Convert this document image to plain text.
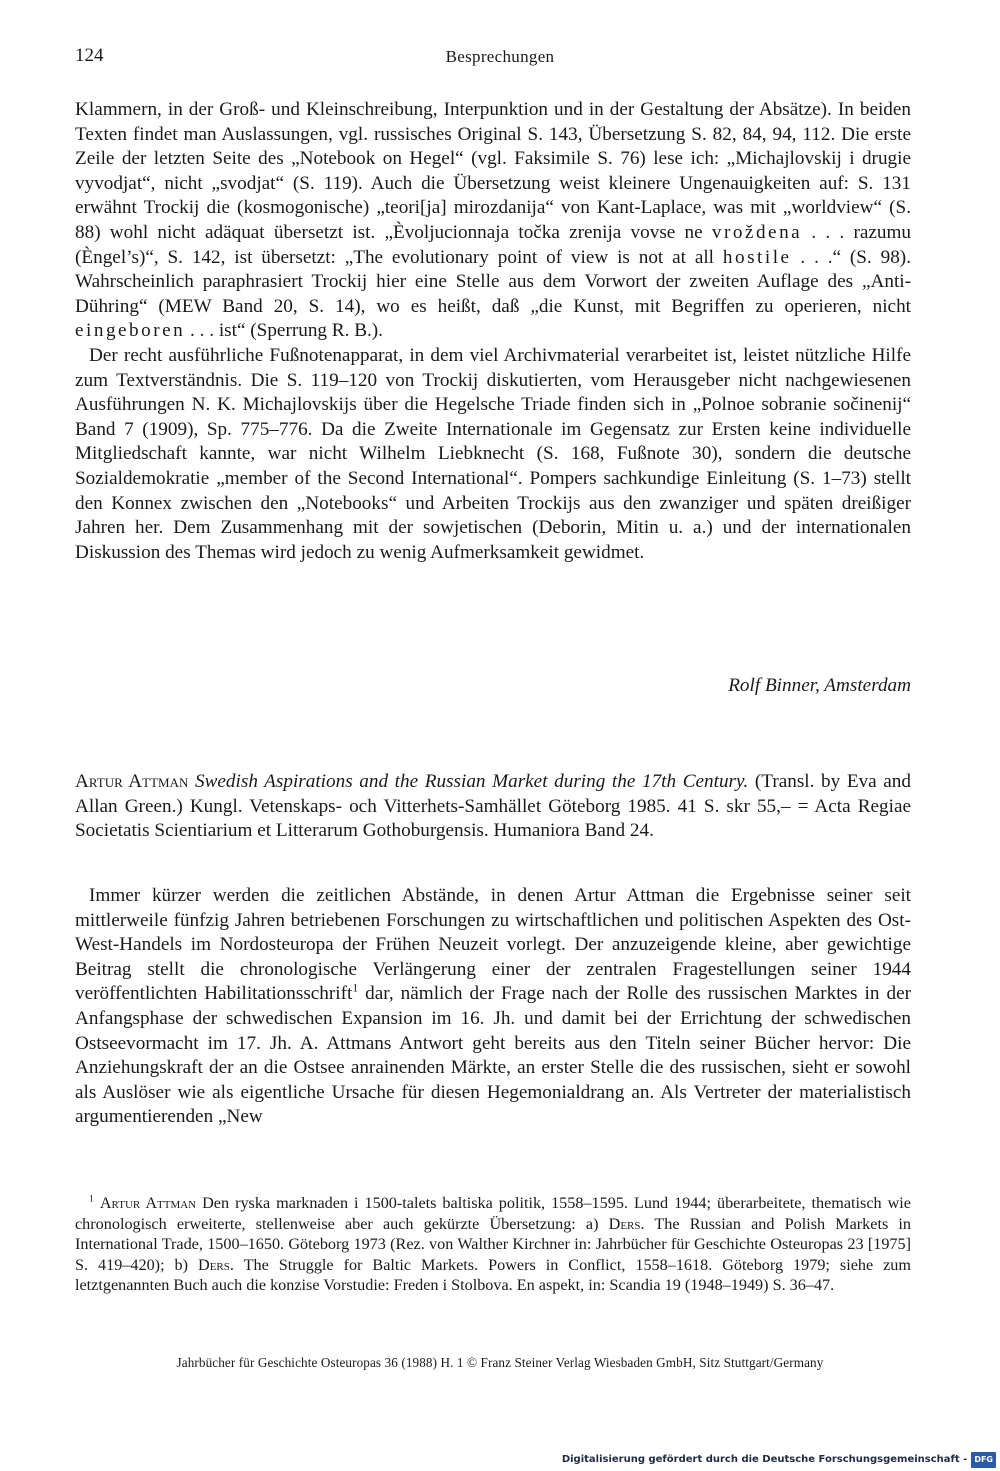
124	Besprechungen

Klammern, in der Groß- und Kleinschreibung, Interpunktion und in der Gestaltung der Absätze). In beiden Texten findet man Auslassungen, vgl. russisches Original S. 143, Übersetzung S. 82, 84, 94, 112. Die erste Zeile der letzten Seite des „Notebook on Hegel“ (vgl. Faksimile S. 76) lese ich: „Michajlovskij i drugie vyvodjat“, nicht „svodjat“ (S. 119). Auch die Übersetzung weist kleinere Ungenauigkeiten auf: S. 131 erwähnt Trockij die (kosmogonische) „teori[ja] mirozdanija“ von Kant-Laplace, was mit „worldview“ (S. 88) wohl nicht adäquat übersetzt ist. „Èvoljucionnaja točka zrenija vovse ne vroždena . . . razumu (Èngel’s)“, S. 142, ist übersetzt: „The evolutionary point of view is not at all hostile . . .“ (S. 98). Wahrscheinlich paraphrasiert Trockij hier eine Stelle aus dem Vorwort der zweiten Auflage des „Anti-Dühring“ (MEW Band 20, S. 14), wo es heißt, daß „die Kunst, mit Begriffen zu operieren, nicht eingeboren . . . ist“ (Sperrung R. B.).

Der recht ausführliche Fußnotenapparat, in dem viel Archivmaterial verarbeitet ist, leistet nützliche Hilfe zum Textverständnis. Die S. 119–120 von Trockij diskutierten, vom Herausgeber nicht nachgewiesenen Ausführungen N. K. Michajlovskijs über die Hegelsche Triade finden sich in „Polnoe sobranie sočinenij“ Band 7 (1909), Sp. 775–776. Da die Zweite Internationale im Gegensatz zur Ersten keine individuelle Mitgliedschaft kannte, war nicht Wilhelm Liebknecht (S. 168, Fußnote 30), sondern die deutsche Sozialdemokratie „member of the Second International“. Pompers sachkundige Einleitung (S. 1–73) stellt den Konnex zwischen den „Notebooks“ und Arbeiten Trockijs aus den zwanziger und späten dreißiger Jahren her. Dem Zusammenhang mit der sowjetischen (Deborin, Mitin u. a.) und der internationalen Diskussion des Themas wird jedoch zu wenig Aufmerksamkeit gewidmet.

Rolf Binner, Amsterdam
Artur Attman Swedish Aspirations and the Russian Market during the 17th Century. (Transl. by Eva and Allan Green.) Kungl. Vetenskaps- och Vitterhets-Samhället Göteborg 1985. 41 S. skr 55,– = Acta Regiae Societatis Scientiarium et Litterarum Gothoburgensis. Humaniora Band 24.

Immer kürzer werden die zeitlichen Abstände, in denen Artur Attman die Ergebnisse seiner seit mittlerweile fünfzig Jahren betriebenen Forschungen zu wirtschaftlichen und politischen Aspekten des Ost-West-Handels im Nordosteuropa der Frühen Neuzeit vorlegt. Der anzuzeigende kleine, aber gewichtige Beitrag stellt die chronologische Verlängerung einer der zentralen Fragestellungen seiner 1944 veröffentlichten Habilitationsschrift$^1$ dar, nämlich der Frage nach der Rolle des russischen Marktes in der Anfangsphase der schwedischen Expansion im 16. Jh. und damit bei der Errichtung der schwedischen Ostseevormacht im 17. Jh. A. Attmans Antwort geht bereits aus den Titeln seiner Bücher hervor: Die Anziehungskraft der an die Ostsee anrainenden Märkte, an erster Stelle die des russischen, sieht er sowohl als Auslöser wie als eigentliche Ursache für diesen Hegemonialdrang an. Als Vertreter der materialistisch argumentierenden „New

$^1$ Artur Attman Den ryska marknaden i 1500-talets baltiska politik, 1558–1595. Lund 1944; überarbeitete, thematisch wie chronologisch erweiterte, stellenweise aber auch gekürzte Übersetzung: a) Ders. The Russian and Polish Markets in International Trade, 1500–1650. Göteborg 1973 (Rez. von Walther Kirchner in: Jahrbücher für Geschichte Osteuropas 23 [1975] S. 419–420); b) Ders. The Struggle for Baltic Markets. Powers in Conflict, 1558–1618. Göteborg 1979; siehe zum letztgenannten Buch auch die konzise Vorstudie: Freden i Stolbova. En aspekt, in: Scandia 19 (1948–1949) S. 36–47.
Jahrbücher für Geschichte Osteuropas 36 (1988) H. 1 © Franz Steiner Verlag Wiesbaden GmbH, Sitz Stuttgart/Germany
Digitalisierung gefördert durch die Deutsche Forschungsgemeinschaft - DFG
